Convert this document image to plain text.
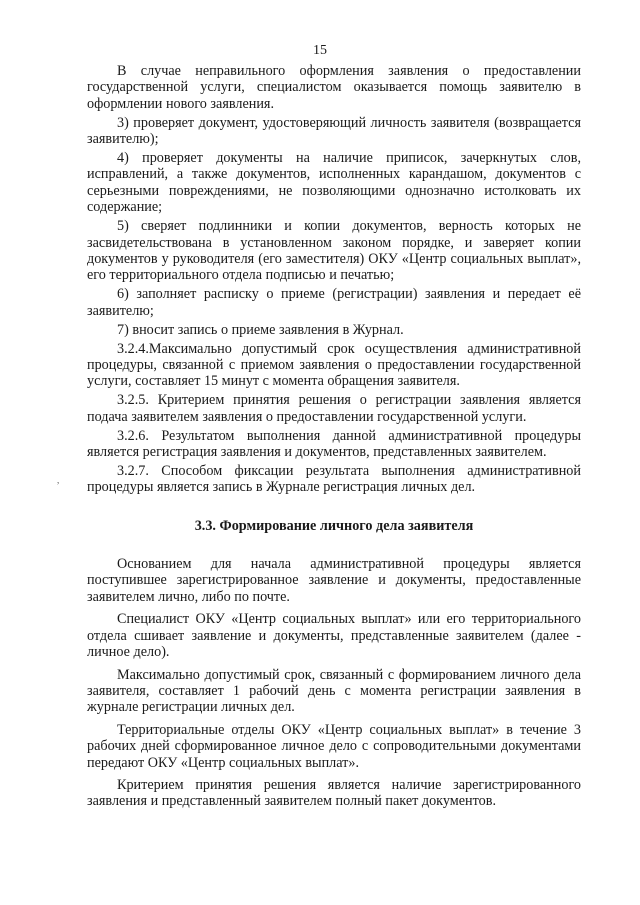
15
,

В случае неправильного оформления заявления о предоставлении государственной услуги, специалистом оказывается помощь заявителю в оформлении нового заявления.

3) проверяет документ, удостоверяющий личность заявителя (возвращается заявителю);

4) проверяет документы на наличие приписок, зачеркнутых слов, исправлений, а также документов, исполненных карандашом, документов с серьезными повреждениями, не позволяющими однозначно истолковать их содержание;

5) сверяет подлинники и копии документов, верность которых не засвидетельствована в установленном законом порядке, и заверяет копии документов у руководителя (его заместителя) ОКУ «Центр социальных выплат», его территориального отдела подписью и печатью;

6) заполняет расписку о приеме (регистрации) заявления и передает её заявителю;

7) вносит запись о приеме заявления в Журнал.

3.2.4.Максимально допустимый срок осуществления административной процедуры, связанной с приемом заявления о предоставлении государственной услуги, составляет 15 минут с момента обращения заявителя.

3.2.5. Критерием принятия решения о регистрации заявления является подача заявителем заявления о предоставлении государственной услуги.

3.2.6. Результатом выполнения данной административной процедуры является регистрация заявления и документов, представленных заявителем.

3.2.7. Способом фиксации результата выполнения административной процедуры является запись в Журнале регистрация личных дел.

3.3. Формирование личного дела заявителя

Основанием для начала административной процедуры является поступившее зарегистрированное заявление и документы, предоставленные заявителем лично, либо по почте.

Специалист ОКУ «Центр социальных выплат» или его территориального отдела сшивает заявление и документы, представленные заявителем (далее - личное дело).

Максимально допустимый срок, связанный с формированием личного дела заявителя, составляет 1 рабочий день с момента регистрации заявления в журнале регистрации личных дел.

Территориальные отделы ОКУ «Центр социальных выплат» в течение 3 рабочих дней сформированное личное дело с сопроводительными документами передают ОКУ «Центр социальных выплат».

Критерием принятия решения является наличие зарегистрированного заявления и представленный заявителем полный пакет документов.
